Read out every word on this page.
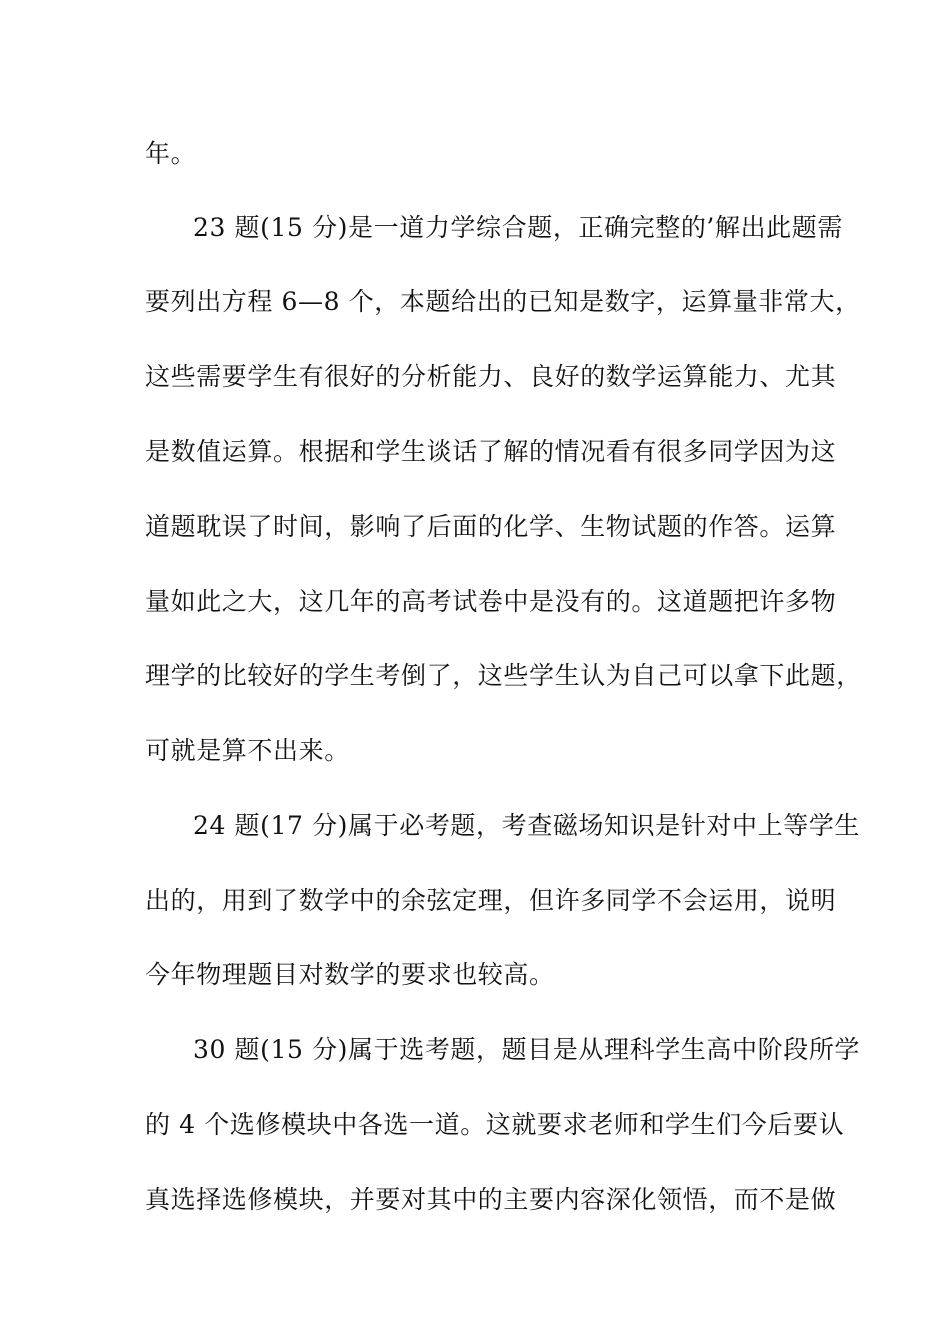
年。
23 题(15 分)是一道力学综合题，正确完整的’解出此题需
要列出方程 6—8 个，本题给出的已知是数字，运算量非常大，
这些需要学生有很好的分析能力、良好的数学运算能力、尤其
是数值运算。根据和学生谈话了解的情况看有很多同学因为这
道题耽误了时间，影响了后面的化学、生物试题的作答。运算
量如此之大，这几年的高考试卷中是没有的。这道题把许多物
理学的比较好的学生考倒了，这些学生认为自己可以拿下此题，
可就是算不出来。
24 题(17 分)属于必考题，考查磁场知识是针对中上等学生
出的，用到了数学中的余弦定理，但许多同学不会运用，说明
今年物理题目对数学的要求也较高。
30 题(15 分)属于选考题，题目是从理科学生高中阶段所学
的 4 个选修模块中各选一道。这就要求老师和学生们今后要认
真选择选修模块，并要对其中的主要内容深化领悟，而不是做
